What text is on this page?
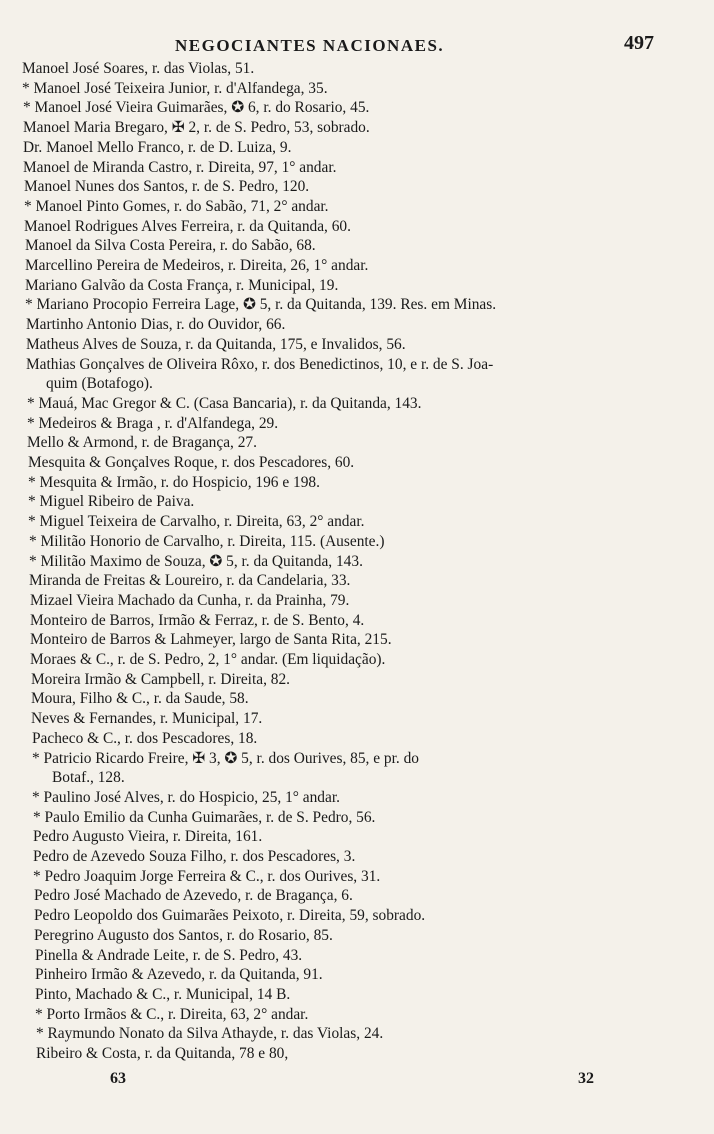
NEGOCIANTES NACIONAES.	497
Manoel José Soares, r. das Violas, 51.
* Manoel José Teixeira Junior, r. d'Alfandega, 35.
* Manoel José Vieira Guimarães, ✪ 6, r. do Rosario, 45.
Manoel Maria Bregaro, ✠ 2, r. de S. Pedro, 53, sobrado.
Dr. Manoel Mello Franco, r. de D. Luiza, 9.
Manoel de Miranda Castro, r. Direita, 97, 1° andar.
Manoel Nunes dos Santos, r. de S. Pedro, 120.
* Manoel Pinto Gomes, r. do Sabão, 71, 2° andar.
Manoel Rodrigues Alves Ferreira, r. da Quitanda, 60.
Manoel da Silva Costa Pereira, r. do Sabão, 68.
Marcellino Pereira de Medeiros, r. Direita, 26, 1° andar.
Mariano Galvão da Costa França, r. Municipal, 19.
* Mariano Procopio Ferreira Lage, ✪ 5, r. da Quitanda, 139. Res. em Minas.
Martinho Antonio Dias, r. do Ouvidor, 66.
Matheus Alves de Souza, r. da Quitanda, 175, e Invalidos, 56.
Mathias Gonçalves de Oliveira Rôxo, r. dos Benedictinos, 10, e r. de S. Joa-
quim (Botafogo).
* Mauá, Mac Gregor & C. (Casa Bancaria), r. da Quitanda, 143.
* Medeiros & Braga , r. d'Alfandega, 29.
Mello & Armond, r. de Bragança, 27.
Mesquita & Gonçalves Roque, r. dos Pescadores, 60.
* Mesquita & Irmão, r. do Hospicio, 196 e 198.
* Miguel Ribeiro de Paiva.
* Miguel Teixeira de Carvalho, r. Direita, 63, 2° andar.
* Militão Honorio de Carvalho, r. Direita, 115. (Ausente.)
* Militão Maximo de Souza, ✪ 5, r. da Quitanda, 143.
Miranda de Freitas & Loureiro, r. da Candelaria, 33.
Mizael Vieira Machado da Cunha, r. da Prainha, 79.
Monteiro de Barros, Irmão & Ferraz, r. de S. Bento, 4.
Monteiro de Barros & Lahmeyer, largo de Santa Rita, 215.
Moraes & C., r. de S. Pedro, 2, 1° andar. (Em liquidação).
Moreira Irmão & Campbell, r. Direita, 82.
Moura, Filho & C., r. da Saude, 58.
Neves & Fernandes, r. Municipal, 17.
Pacheco & C., r. dos Pescadores, 18.
* Patricio Ricardo Freire, ✠ 3, ✪ 5, r. dos Ourives, 85, e pr. do
Botaf., 128.
* Paulino José Alves, r. do Hospicio, 25, 1° andar.
* Paulo Emilio da Cunha Guimarães, r. de S. Pedro, 56.
Pedro Augusto Vieira, r. Direita, 161.
Pedro de Azevedo Souza Filho, r. dos Pescadores, 3.
* Pedro Joaquim Jorge Ferreira & C., r. dos Ourives, 31.
Pedro José Machado de Azevedo, r. de Bragança, 6.
Pedro Leopoldo dos Guimarães Peixoto, r. Direita, 59, sobrado.
Peregrino Augusto dos Santos, r. do Rosario, 85.
Pinella & Andrade Leite, r. de S. Pedro, 43.
Pinheiro Irmão & Azevedo, r. da Quitanda, 91.
Pinto, Machado & C., r. Municipal, 14 B.
* Porto Irmãos & C., r. Direita, 63, 2° andar.
* Raymundo Nonato da Silva Athayde, r. das Violas, 24.
Ribeiro & Costa, r. da Quitanda, 78 e 80,
63	32
